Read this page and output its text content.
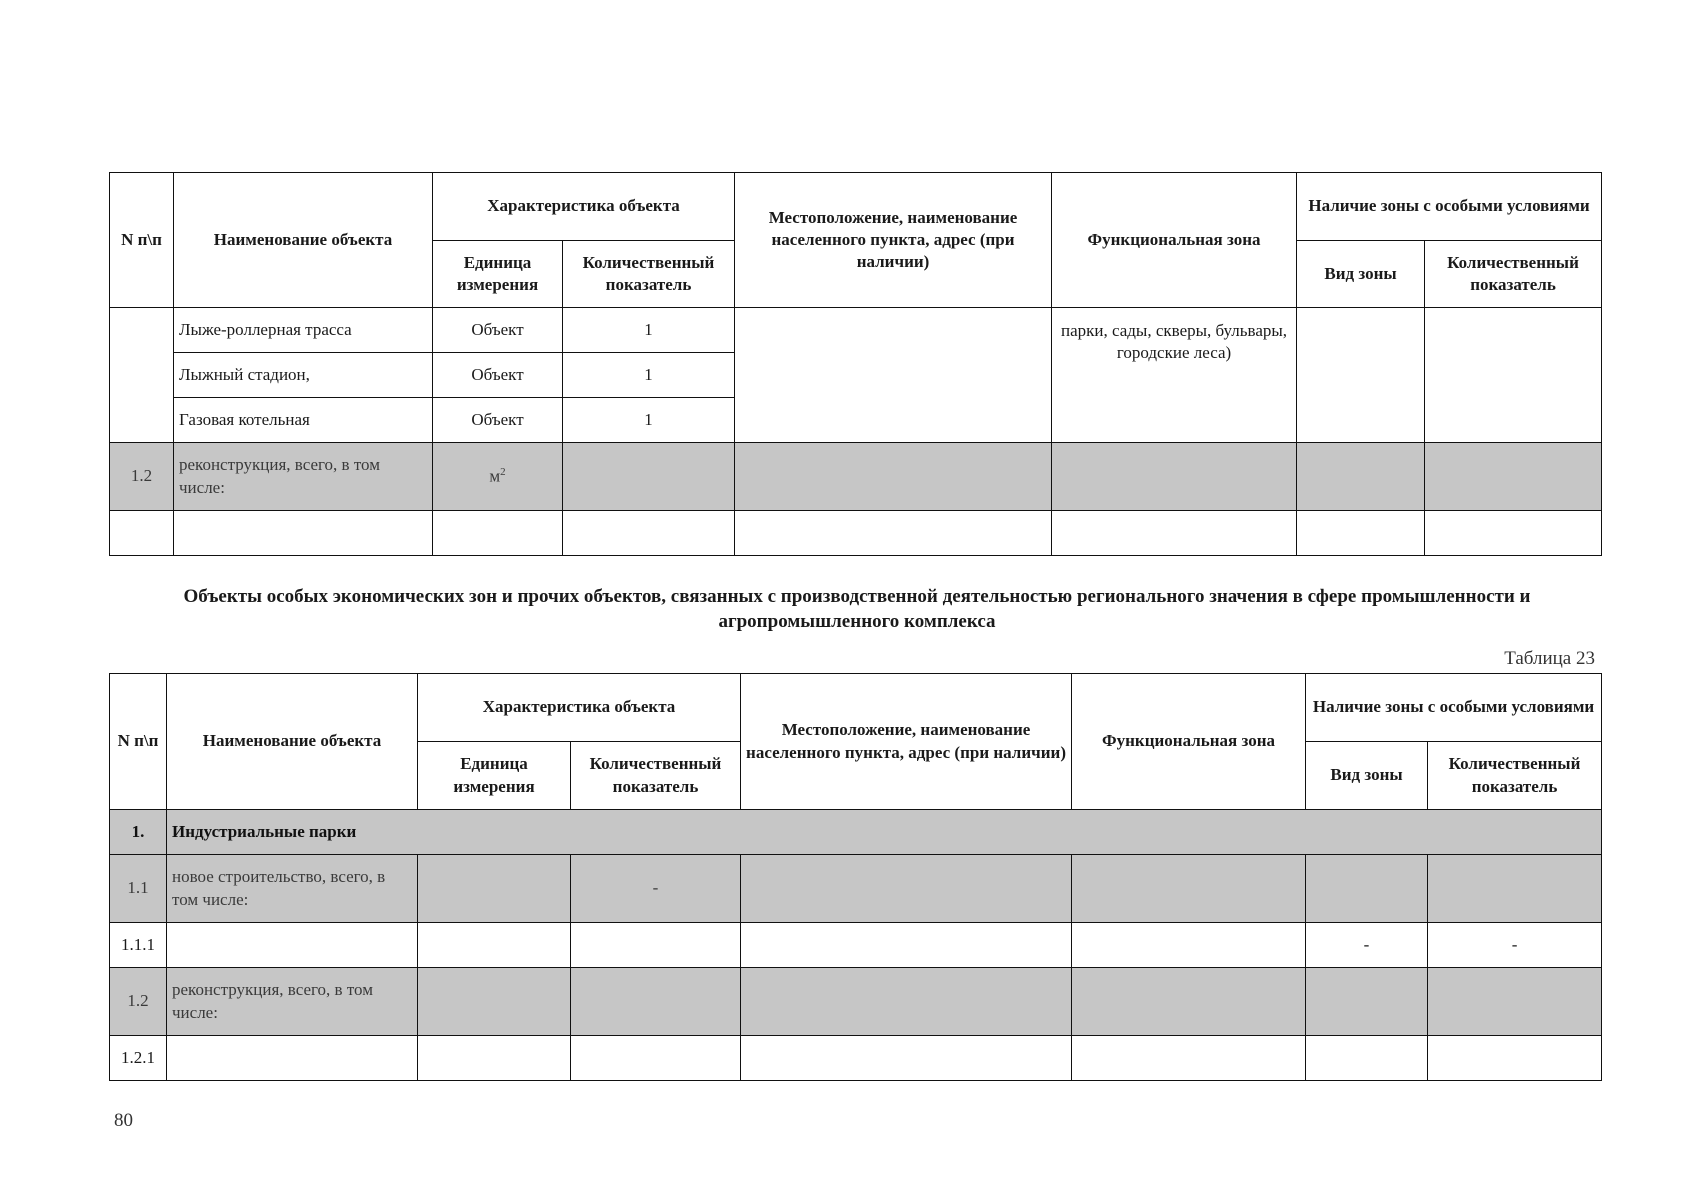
N п\п	Наименование объекта	Характеристика объекта		Местоположение, наименование населенного пункта, адрес (при наличии)	Функциональная зона	Наличие зоны с особыми условиями	
		Единица измерения	Количественный показатель			Вид зоны	Количественный показатель
	Лыже-роллерная трасса	Объект	1		парки, сады, скверы, бульвары, городские леса)		
	Лыжный стадион,	Объект	1				
	Газовая котельная	Объект	1				
1.2	реконструкция, всего, в том числе:	$м^2$					

Объекты особых экономических зон и прочих объектов, связанных с производственной деятельностью регионального значения в сфере промышленности и агропромышленного комплекса
Таблица 23
N п\п	Наименование объекта	Характеристика объекта		Местоположение, наименование населенного пункта, адрес (при наличии)	Функциональная зона	Наличие зоны с особыми условиями	
		Единица измерения	Количественный показатель			Вид зоны	Количественный показатель
1.	Индустриальные парки						
1.1	новое строительство, всего, в том числе:		-				
1.1.1						-	-
1.2	реконструкция, всего, в том числе:						
1.2.1							
80
